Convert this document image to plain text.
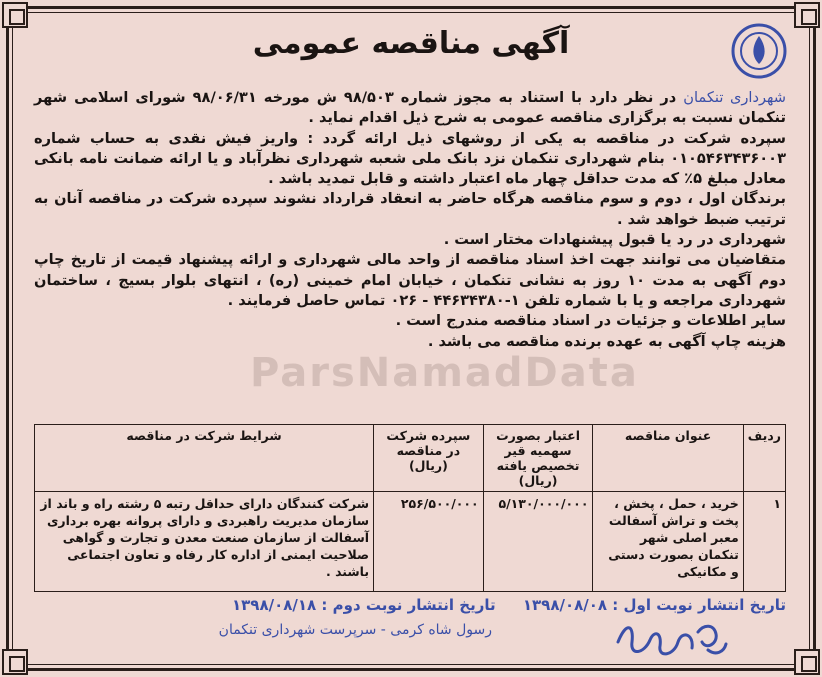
ParsNamadData
آگهی مناقصه عمومی

شهرداری تنکمان در نظر دارد با استناد به مجوز شماره ۹۸/۵۰۳ ش مورخه ۹۸/۰۶/۳۱ شورای اسلامی شهر تنکمان نسبت به برگزاری مناقصه عمومی به شرح ذیل اقدام نماید .

سپرده شرکت در مناقصه به یکی از روشهای ذیل ارائه گردد : واریز فیش نقدی به حساب شماره ۰۱۰۵۴۶۳۴۳۶۰۰۳ بنام شهرداری تنکمان نزد بانک ملی شعبه شهرداری نظرآباد و یا ارائه ضمانت نامه بانکی معادل مبلغ ۵٪ که مدت حداقل چهار ماه اعتبار داشته و قابل تمدید باشد .

برندگان اول ، دوم و سوم مناقصه هرگاه حاضر به انعقاد قرارداد نشوند سپرده شرکت در مناقصه آنان به ترتیب ضبط خواهد شد .

شهرداری در رد یا قبول پیشنهادات مختار است .

متقاضیان می توانند جهت اخذ اسناد مناقصه از واحد مالی شهرداری و ارائه پیشنهاد قیمت از تاریخ چاپ دوم آگهی به مدت ۱۰ روز به نشانی تنکمان ، خیابان امام خمینی (ره) ، انتهای بلوار بسیج ، ساختمان شهرداری مراجعه و یا با شماره تلفن ۱-۴۴۶۳۴۳۸۰ - ۰۲۶ تماس حاصل فرمایند .

سایر اطلاعات و جزئیات در اسناد مناقصه مندرج است .

هزینه چاپ آگهی به عهده برنده مناقصه می باشد .

ردیف	عنوان مناقصه	اعتبار بصورت سهمیه قیر تخصیص یافته (ریال)	سپرده شرکت در مناقصه (ریال)	شرایط شرکت در مناقصه
۱	خرید ، حمل ، پخش ، پخت و تراش آسفالت معبر اصلی شهر تنکمان بصورت دستی و مکانیکی	۵/۱۳۰/۰۰۰/۰۰۰	۲۵۶/۵۰۰/۰۰۰	شرکت کنندگان دارای حداقل رتبه ۵ رشته راه و باند از سازمان مدیریت راهبردی و دارای پروانه بهره برداری آسفالت از سازمان صنعت معدن و تجارت و گواهی صلاحیت ایمنی از اداره کار رفاه و تعاون اجتماعی باشند .
تاریخ انتشار نوبت اول : ۱۳۹۸/۰۸/۰۸ تاریخ انتشار نوبت دوم : ۱۳۹۸/۰۸/۱۸
رسول شاه کرمی - سرپرست شهرداری تنکمان
